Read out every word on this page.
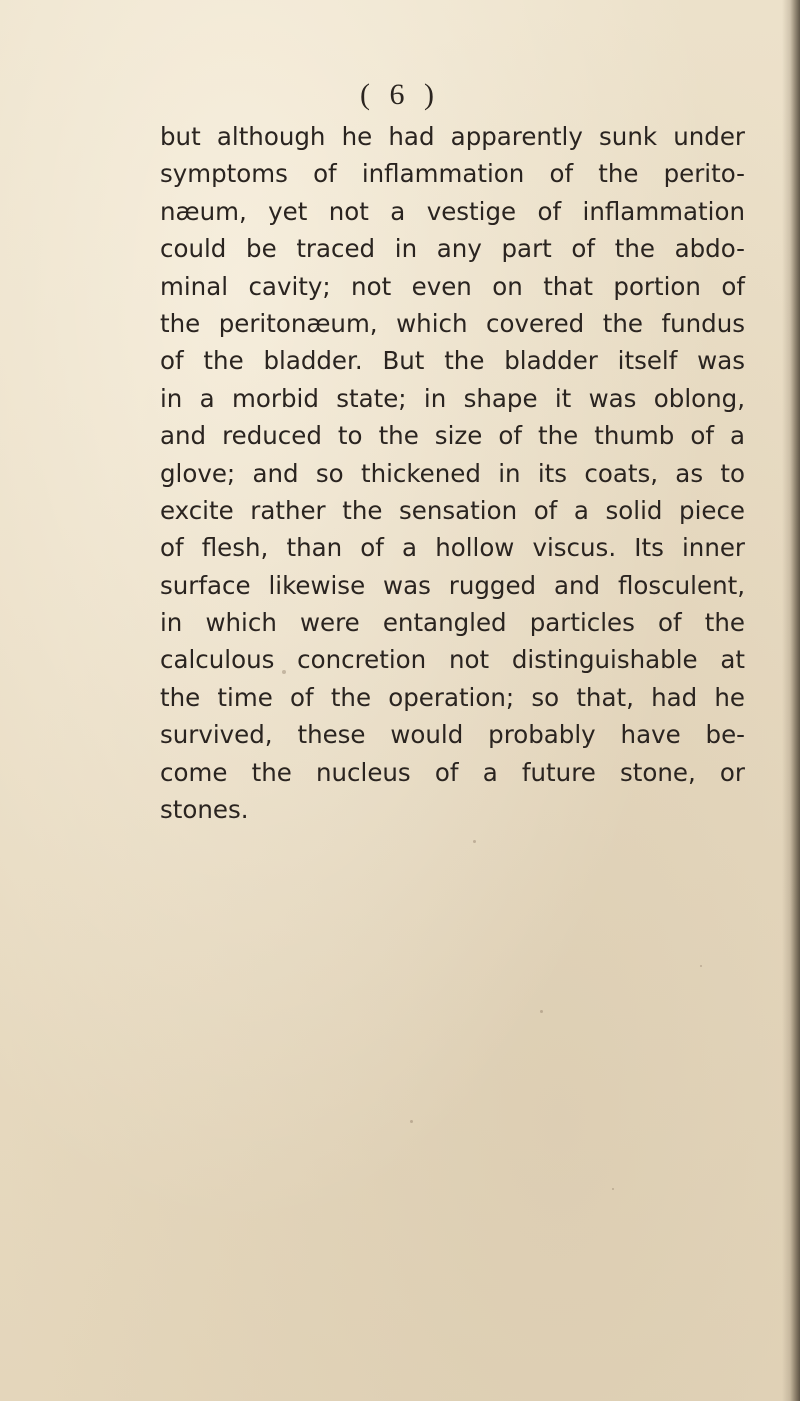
( 6 )
but although he had apparently sunk under
symptoms of inflammation of the perito-
næum, yet not a vestige of inflammation
could be traced in any part of the abdo-
minal cavity; not even on that portion of
the peritonæum, which covered the fundus
of the bladder. But the bladder itself was
in a morbid state; in shape it was oblong,
and reduced to the size of the thumb of a
glove; and so thickened in its coats, as to
excite rather the sensation of a solid piece
of flesh, than of a hollow viscus. Its inner
surface likewise was rugged and flosculent,
in which were entangled particles of the
calculous concretion not distinguishable at
the time of the operation; so that, had he
survived, these would probably have be-
come the nucleus of a future stone, or
stones.
